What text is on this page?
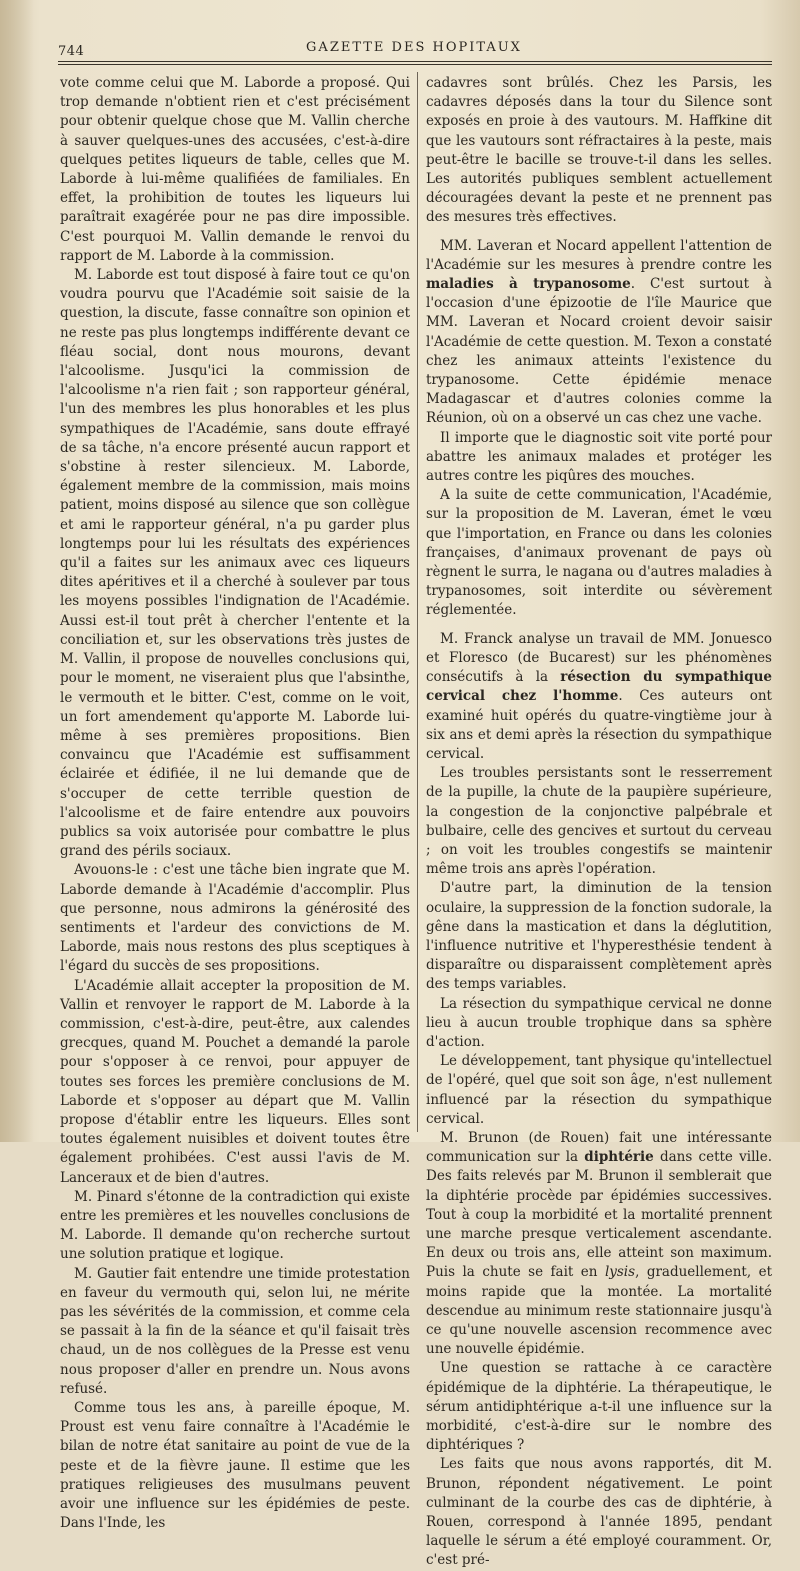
744	GAZETTE DES HOPITAUX

vote comme celui que M. Laborde a proposé. Qui trop demande n'obtient rien et c'est précisément pour obtenir quelque chose que M. Vallin cherche à sauver quelques-unes des accusées, c'est-à-dire quelques petites liqueurs de table, celles que M. Laborde à lui-même qualifiées de familiales. En effet, la prohibition de toutes les liqueurs lui paraîtrait exagérée pour ne pas dire impossible. C'est pourquoi M. Vallin demande le renvoi du rapport de M. Laborde à la commission.

M. Laborde est tout disposé à faire tout ce qu'on voudra pourvu que l'Académie soit saisie de la question, la discute, fasse connaître son opinion et ne reste pas plus longtemps indifférente devant ce fléau social, dont nous mourons, devant l'alcoolisme. Jusqu'ici la commission de l'alcoolisme n'a rien fait ; son rapporteur général, l'un des membres les plus honorables et les plus sympathiques de l'Académie, sans doute effrayé de sa tâche, n'a encore présenté aucun rapport et s'obstine à rester silencieux. M. Laborde, également membre de la commission, mais moins patient, moins disposé au silence que son collègue et ami le rapporteur général, n'a pu garder plus longtemps pour lui les résultats des expériences qu'il a faites sur les animaux avec ces liqueurs dites apéritives et il a cherché à soulever par tous les moyens possibles l'indignation de l'Académie. Aussi est-il tout prêt à chercher l'entente et la conciliation et, sur les observations très justes de M. Vallin, il propose de nouvelles conclusions qui, pour le moment, ne viseraient plus que l'absinthe, le vermouth et le bitter. C'est, comme on le voit, un fort amendement qu'apporte M. Laborde lui-même à ses premières propositions. Bien convaincu que l'Académie est suffisamment éclairée et édifiée, il ne lui demande que de s'occuper de cette terrible question de l'alcoolisme et de faire entendre aux pouvoirs publics sa voix autorisée pour combattre le plus grand des périls sociaux.

Avouons-le : c'est une tâche bien ingrate que M. Laborde demande à l'Académie d'accomplir. Plus que personne, nous admirons la générosité des sentiments et l'ardeur des convictions de M. Laborde, mais nous restons des plus sceptiques à l'égard du succès de ses propositions.

L'Académie allait accepter la proposition de M. Vallin et renvoyer le rapport de M. Laborde à la commission, c'est-à-dire, peut-être, aux calendes grecques, quand M. Pouchet a demandé la parole pour s'opposer à ce renvoi, pour appuyer de toutes ses forces les première conclusions de M. Laborde et s'opposer au départ que M. Vallin propose d'établir entre les liqueurs. Elles sont toutes également nuisibles et doivent toutes être également prohibées. C'est aussi l'avis de M. Lanceraux et de bien d'autres.

M. Pinard s'étonne de la contradiction qui existe entre les premières et les nouvelles conclusions de M. Laborde. Il demande qu'on recherche surtout une solution pratique et logique.

M. Gautier fait entendre une timide protestation en faveur du vermouth qui, selon lui, ne mérite pas les sévérités de la commission, et comme cela se passait à la fin de la séance et qu'il faisait très chaud, un de nos collègues de la Presse est venu nous proposer d'aller en prendre un. Nous avons refusé.

Comme tous les ans, à pareille époque, M. Proust est venu faire connaître à l'Académie le bilan de notre état sanitaire au point de vue de la peste et de la fièvre jaune. Il estime que les pratiques religieuses des musulmans peuvent avoir une influence sur les épidémies de peste. Dans l'Inde, les

cadavres sont brûlés. Chez les Parsis, les cadavres déposés dans la tour du Silence sont exposés en proie à des vautours. M. Haffkine dit que les vautours sont réfractaires à la peste, mais peut-être le bacille se trouve-t-il dans les selles. Les autorités publiques semblent actuellement découragées devant la peste et ne prennent pas des mesures très effectives.

MM. Laveran et Nocard appellent l'attention de l'Académie sur les mesures à prendre contre les maladies à trypanosome. C'est surtout à l'occasion d'une épizootie de l'île Maurice que MM. Laveran et Nocard croient devoir saisir l'Académie de cette question. M. Texon a constaté chez les animaux atteints l'existence du trypanosome. Cette épidémie menace Madagascar et d'autres colonies comme la Réunion, où on a observé un cas chez une vache.

Il importe que le diagnostic soit vite porté pour abattre les animaux malades et protéger les autres contre les piqûres des mouches.

A la suite de cette communication, l'Académie, sur la proposition de M. Laveran, émet le vœu que l'importation, en France ou dans les colonies françaises, d'animaux provenant de pays où règnent le surra, le nagana ou d'autres maladies à trypanosomes, soit interdite ou sévèrement réglementée.

M. Franck analyse un travail de MM. Jonuesco et Floresco (de Bucarest) sur les phénomènes consécutifs à la résection du sympathique cervical chez l'homme. Ces auteurs ont examiné huit opérés du quatre-vingtième jour à six ans et demi après la résection du sympathique cervical.

Les troubles persistants sont le resserrement de la pupille, la chute de la paupière supérieure, la congestion de la conjonctive palpébrale et bulbaire, celle des gencives et surtout du cerveau ; on voit les troubles congestifs se maintenir même trois ans après l'opération.

D'autre part, la diminution de la tension oculaire, la suppression de la fonction sudorale, la gêne dans la mastication et dans la déglutition, l'influence nutritive et l'hyperesthésie tendent à disparaître ou disparaissent complètement après des temps variables.

La résection du sympathique cervical ne donne lieu à aucun trouble trophique dans sa sphère d'action.

Le développement, tant physique qu'intellectuel de l'opéré, quel que soit son âge, n'est nullement influencé par la résection du sympathique cervical.

M. Brunon (de Rouen) fait une intéressante communication sur la diphtérie dans cette ville. Des faits relevés par M. Brunon il semblerait que la diphtérie procède par épidémies successives. Tout à coup la morbidité et la mortalité prennent une marche presque verticalement ascendante. En deux ou trois ans, elle atteint son maximum. Puis la chute se fait en lysis, graduellement, et moins rapide que la montée. La mortalité descendue au minimum reste stationnaire jusqu'à ce qu'une nouvelle ascension recommence avec une nouvelle épidémie.

Une question se rattache à ce caractère épidémique de la diphtérie. La thérapeutique, le sérum antidiphtérique a-t-il une influence sur la morbidité, c'est-à-dire sur le nombre des diphtériques ?

Les faits que nous avons rapportés, dit M. Brunon, répondent négativement. Le point culminant de la courbe des cas de diphtérie, à Rouen, correspond à l'année 1895, pendant laquelle le sérum a été employé couramment. Or, c'est pré-
